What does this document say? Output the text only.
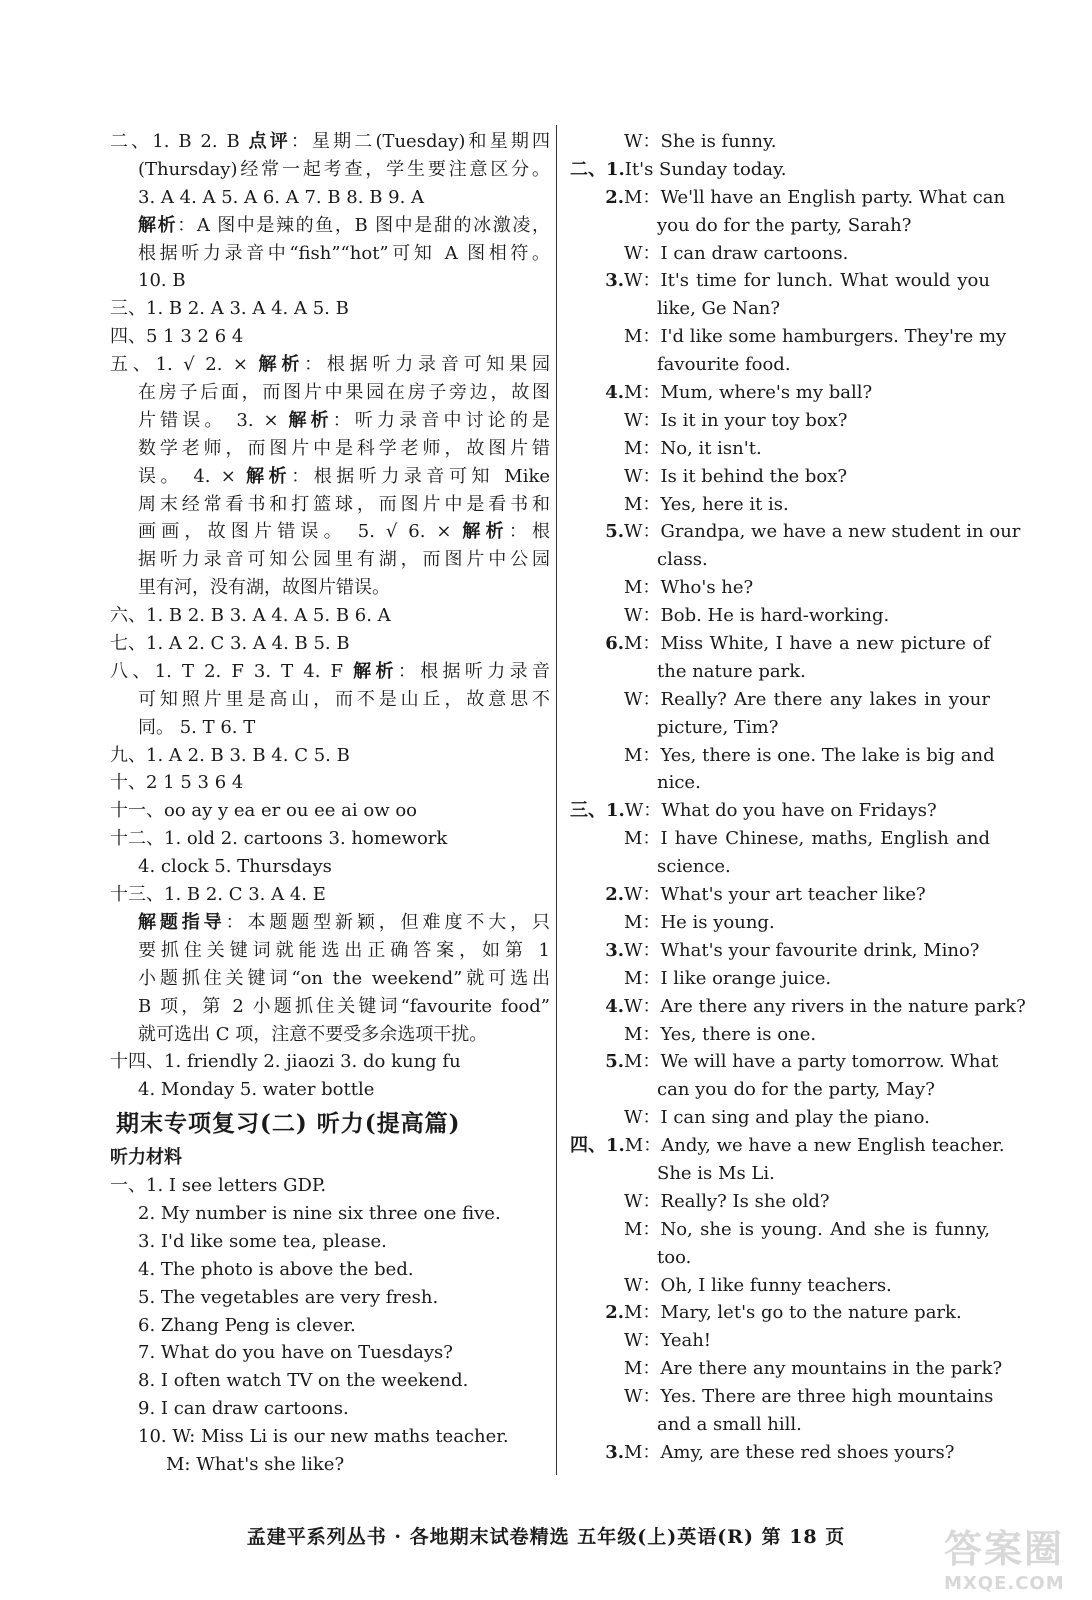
二、1. B 2. B 点评：星期二(Tuesday)和星期四
(Thursday)经常一起考查，学生要注意区分。
3. A 4. A 5. A 6. A 7. B 8. B 9. A
解析：A 图中是辣的鱼，B 图中是甜的冰激凌，
根据听力录音中“fish”“hot”可知 A 图相符。
10. B
三、1. B 2. A 3. A 4. A 5. B
四、5 1 3 2 6 4
五、1. √ 2. × 解析：根据听力录音可知果园
在房子后面，而图片中果园在房子旁边，故图
片错误。 3. × 解析：听力录音中讨论的是
数学老师，而图片中是科学老师，故图片错
误。 4. × 解析：根据听力录音可知 Mike
周末经常看书和打篮球，而图片中是看书和
画画，故图片错误。 5. √ 6. × 解析：根
据听力录音可知公园里有湖，而图片中公园
里有河，没有湖，故图片错误。
六、1. B 2. B 3. A 4. A 5. B 6. A
七、1. A 2. C 3. A 4. B 5. B
八、1. T 2. F 3. T 4. F 解析：根据听力录音
可知照片里是高山，而不是山丘，故意思不
同。 5. T 6. T
九、1. A 2. B 3. B 4. C 5. B
十、2 1 5 3 6 4
十一、oo ay y ea er ou ee ai ow oo
十二、1. old 2. cartoons 3. homework
4. clock 5. Thursdays
十三、1. B 2. C 3. A 4. E
解题指导：本题题型新颖，但难度不大，只
要抓住关键词就能选出正确答案，如第 1
小题抓住关键词“on the weekend”就可选出
B 项，第 2 小题抓住关键词“favourite food”
就可选出 C 项，注意不要受多余选项干扰。
十四、1. friendly 2. jiaozi 3. do kung fu
4. Monday 5. water bottle
期末专项复习(二) 听力(提高篇)
听力材料
一、1. I see letters GDP.
2. My number is nine six three one five.
3. I'd like some tea, please.
4. The photo is above the bed.
5. The vegetables are very fresh.
6. Zhang Peng is clever.
7. What do you have on Tuesdays?
8. I often watch TV on the weekend.
9. I can draw cartoons.
10. W: Miss Li is our new maths teacher.
M: What's she like?
W： She is funny.
二、1. It's Sunday today.
2. M： We'll have an English party. What can
you do for the party, Sarah?
W： I can draw cartoons.
3. W： It's time for lunch. What would you
like, Ge Nan?
M： I'd like some hamburgers. They're my
favourite food.
4. M： Mum, where's my ball?
W： Is it in your toy box?
M： No, it isn't.
W： Is it behind the box?
M： Yes, here it is.
5. W： Grandpa, we have a new student in our
class.
M： Who's he?
W： Bob. He is hard-working.
6. M： Miss White, I have a new picture of
the nature park.
W： Really? Are there any lakes in your
picture, Tim?
M： Yes, there is one. The lake is big and
nice.
三、1. W： What do you have on Fridays?
M： I have Chinese, maths, English and
science.
2. W： What's your art teacher like?
M： He is young.
3. W： What's your favourite drink, Mino?
M： I like orange juice.
4. W： Are there any rivers in the nature park?
M： Yes, there is one.
5. M： We will have a party tomorrow. What
can you do for the party, May?
W： I can sing and play the piano.
四、1. M： Andy, we have a new English teacher.
She is Ms Li.
W： Really? Is she old?
M： No, she is young. And she is funny,
too.
W： Oh, I like funny teachers.
2. M： Mary, let's go to the nature park.
W： Yeah!
M： Are there any mountains in the park?
W： Yes. There are three high mountains
and a small hill.
3. M： Amy, are these red shoes yours?
孟建平系列丛书 · 各地期末试卷精选 五年级(上)英语(R) 第 18 页	答案圈
MXQE.COM
